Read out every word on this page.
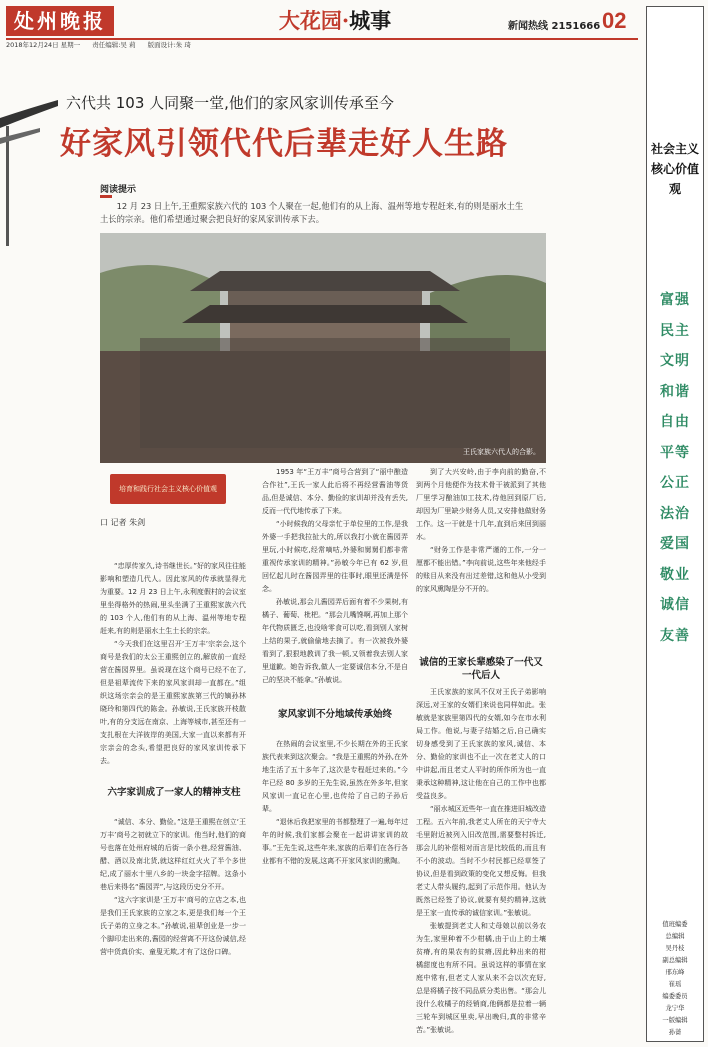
处州晚报	大花园·城事	新闻热线 2151666 02
2018年12月24日 星期一 责任编辑:吴 莉 版面设计:朱 琦
六代共 103 人同聚一堂,他们的家风家训传承至今
好家风引领代代后辈走好人生路
阅读提示
12 月 23 日上午,王重熙家族六代的 103 个人聚在一起,他们有的从上海、温州等地专程赶来,有的则是丽水土生土长的宗亲。他们希望通过聚会把良好的家风家训传承下去。
王氏家族六代人的合影。
培育和践行社会主义核心价值观
口 记者 朱剑

“忠厚传家久,诗书继世长。”好的家风往往能影响和塑造几代人。因此家风的传承就显得尤为重要。12 月 23 日上午,永利度假村的会议室里坐得格外的热闹,里头坐满了王重熙家族六代的 103 个人,他们有的从上海、温州等地专程赶来,有的则是丽水土生土长的宗亲。

“今天我们在这里召开‘王万丰’宗亲会,这个商号是我们的太公王重熙创立的,解放前一直经营在酱园界里。虽说现在这个商号已经不在了,但是祖辈流传下来的家风家训却一直都在。”组织这场宗亲会的是王重熙家族第三代的嫡孙林晓玲和第四代的陈金。孙敏说,王氏家族开枝散叶,有的分支远在南京、上海等城市,甚至还有一支扎根在大洋彼岸的美国,大家一直以来都有开宗亲会的念头,希望把良好的家风家训传承下去。

六字家训成了一家人的精神支柱

1953 年“王万丰”商号合营到了“丽中酿造合作社”,王氏一家人此后将不再经营酱油等货品,但是诚信、本分、勤俭的家训却并没有丢失,反而一代代地传承了下来。

“小时候我的父母亲忙于单位里的工作,是我外婆一手把我拉扯大的,所以我打小就在酱园弄里玩,小时候吃,经常嘀咕,外婆和舅舅们都非常重视传承家训的精神。”孙敏今年已有 62 岁,但回忆起儿时在酱园弄里的往事时,眼里还满是怀念。

孙敏说,那会儿酱园弄后面有着不少果树,有橘子、葡萄、枇杷。“那会儿嘴馋啊,再加上那个年代物质匮乏,也没啥零食可以吃,看到别人家树上结的果子,就偷偷地去摘了。有一次被我外婆看到了,狠狠地教训了我一顿,又领着我去别人家里道歉。她告诉我,做人一定要诚信本分,不是自己的坚决不能拿。”孙敏说。

家风家训不分地域传承始终

到了大兴安岭,由于李向前的勤奋,不到两个月他便作为技术骨干被派到了其他厂里学习酿油加工技术,待他回到原厂后,却因为厂里缺少财务人员,又安排他做财务工作。这一干就是十几年,直到后来回到丽水。

“财务工作是非常严谨的工作,一分一厘都不能出错。”李向前说,这些年来他经手的账目从来没有出过差错,这和他从小受到的家风熏陶是分不开的。

诚信的王家长辈感染了一代又一代后人

“诚信、本分、勤俭。”这是王重熙在创立‘王万丰’商号之初就立下的家训。他当时,他们的商号也落在处州府城的后街一条小巷,经营酱油、醋、酒以及南北货,就这样红红火火了半个多世纪,成了丽水十里八乡的一块金字招牌。这条小巷后来得名“酱园弄”,与这段历史分不开。

“这六字家训是‘王万丰’商号的立店之本,也是我们王氏家族的立家之本,更是我们每一个王氏子弟的立身之本。”孙敏说,祖辈创业是一步一个脚印走出来的,酱园的经营离不开这份诚信,经营中货真价实、童叟无欺,才有了这份口碑。

在热闹的会议室里,不少长期在外的王氏家族代表来到这次聚会。“我是王重熙的外孙,在外地生活了五十多年了,这次是专程赶过来的。”今年已经 80 多岁的王先生说,虽然在外多年,但家风家训一直记在心里,也传给了自己的子孙后辈。

“退休后我把家里的书都整理了一遍,每年过年的时候,我们家都会聚在一起讲讲家训的故事。”王先生说,这些年来,家族的后辈们在各行各业都有不错的发展,这离不开家风家训的熏陶。

王氏家族的家风不仅对王氏子弟影响深远,对王家的女婿们来说也同样如此。张敏就是家族里第四代的女婿,如今在市水利局工作。他说,与妻子结婚之后,自己确实切身感受到了王氏家族的家风,诚信、本分、勤俭的家训也不止一次在老丈人的口中讲起,而且老丈人平时的所作所为也一直秉承这种精神,这让他在自己的工作中也都受益良多。

“丽水城区近些年一直在推进旧城改造工程。五六年前,我老丈人所在的天宁寺大毛里附近被列入旧改范围,需要整村拆迁,那会儿的补偿相对而言是比较低的,而且有不小的波动。当时不少村民都已经草签了协议,但是看到政策的变化又想反悔。但我老丈人带头履约,起到了示范作用。他认为既然已经签了协议,就要有契约精神,这就是王家一直传承的诚信家训。”张敏说。

张敏提到老丈人和丈母娘以前以务农为生,家里种着不少柑橘,由于山上的土壤贫瘠,有的果农有的贫瘠,因此种出来的柑橘甜度也有所不同。虽说这样的事情在家庭中常有,但老丈人家从来不会以次充好,总是将橘子按不同品质分类出售。“那会儿没什么收橘子的经销商,他俩都是拉着一辆三轮车到城区里卖,早出晚归,真的非常辛苦。”张敏说。

社会主义核心价值观
富强
民主
文明
和谐
自由
平等
公正
法治
爱国
敬业
诚信
友善
值班编委
总编辑
吴丹枝
副总编辑
邢东峰
崔瑶
编委委员
龙宁华
一版编辑
孙蔷
